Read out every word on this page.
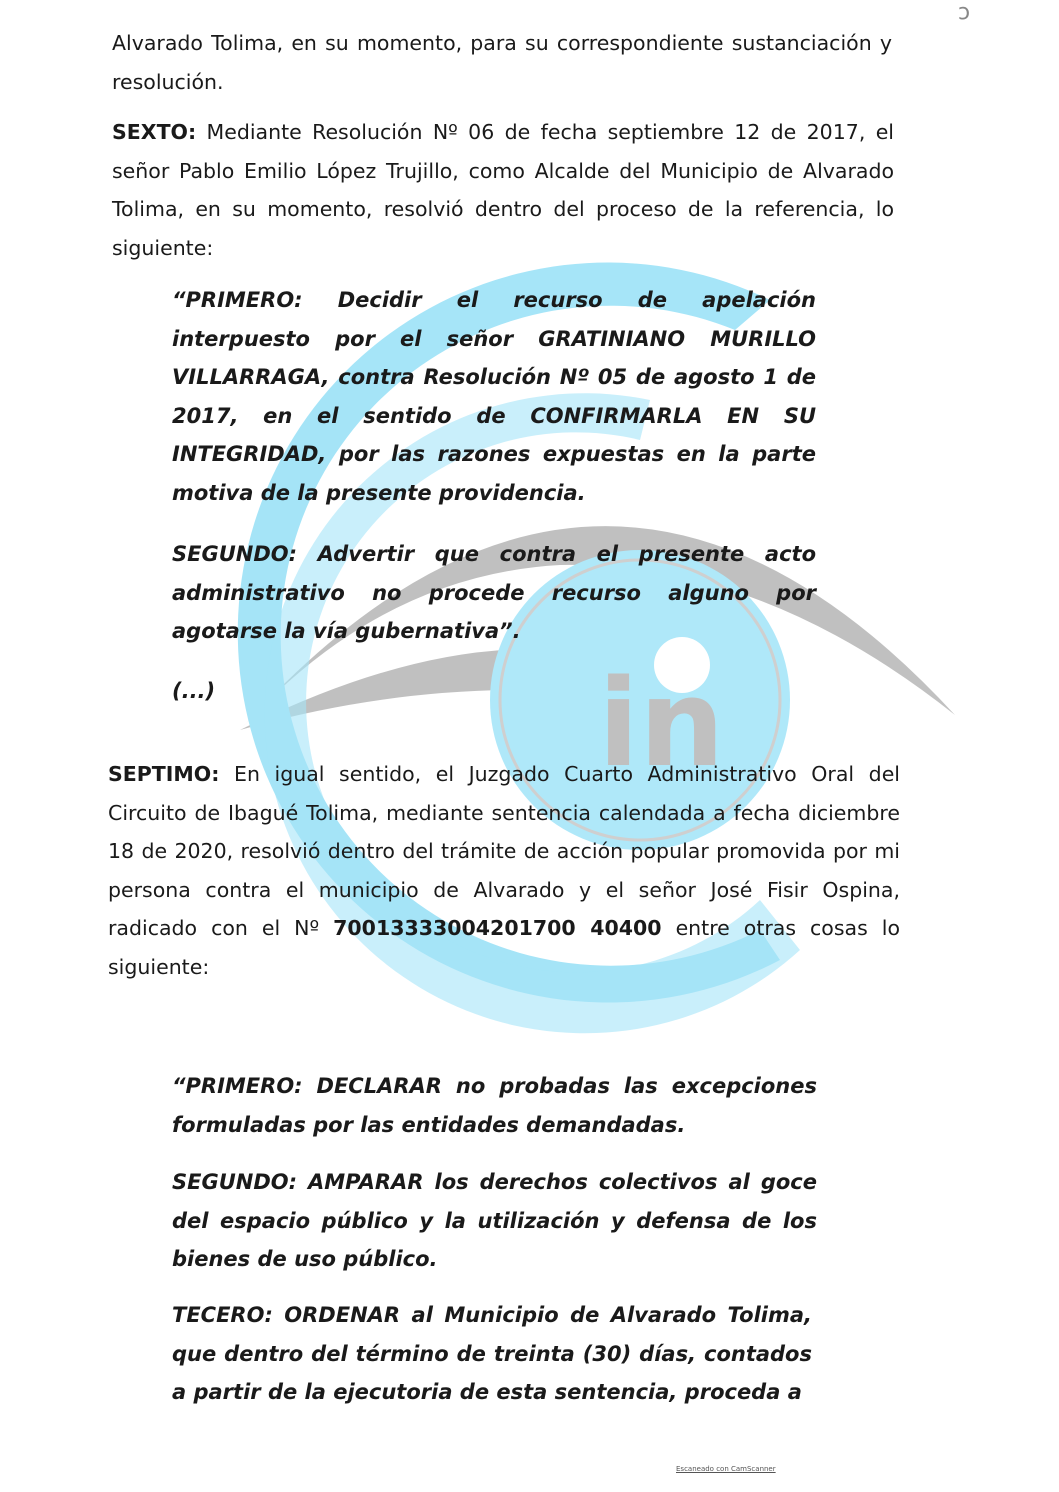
in
ͻ
Alvarado Tolima, en su momento, para su correspondiente sustanciación y resolución.
SEXTO: Mediante Resolución Nº 06 de fecha septiembre 12 de 2017, el señor Pablo Emilio López Trujillo, como Alcalde del Municipio de Alvarado Tolima, en su momento, resolvió dentro del proceso de la referencia, lo siguiente:
“PRIMERO: Decidir el recurso de apelación interpuesto por el señor GRATINIANO MURILLO VILLARRAGA, contra Resolución Nº 05 de agosto 1 de 2017, en el sentido de CONFIRMARLA EN SU INTEGRIDAD, por las razones expuestas en la parte motiva de la presente providencia.
SEGUNDO: Advertir que contra el presente acto administrativo no procede recurso alguno por agotarse la vía gubernativa”.
(...)
SEPTIMO: En igual sentido, el Juzgado Cuarto Administrativo Oral del Circuito de Ibagué Tolima, mediante sentencia calendada a fecha diciembre 18 de 2020, resolvió dentro del trámite de acción popular promovida por mi persona contra el municipio de Alvarado y el señor José Fisir Ospina, radicado con el Nº 70013333004201700 40400 entre otras cosas lo siguiente:
“PRIMERO: DECLARAR no probadas las excepciones formuladas por las entidades demandadas.
SEGUNDO: AMPARAR los derechos colectivos al goce del espacio público y la utilización y defensa de los bienes de uso público.
TECERO: ORDENAR al Municipio de Alvarado Tolima, que dentro del término de treinta (30) días, contados a partir de la ejecutoria de esta sentencia, proceda a
Escaneado con CamScanner
